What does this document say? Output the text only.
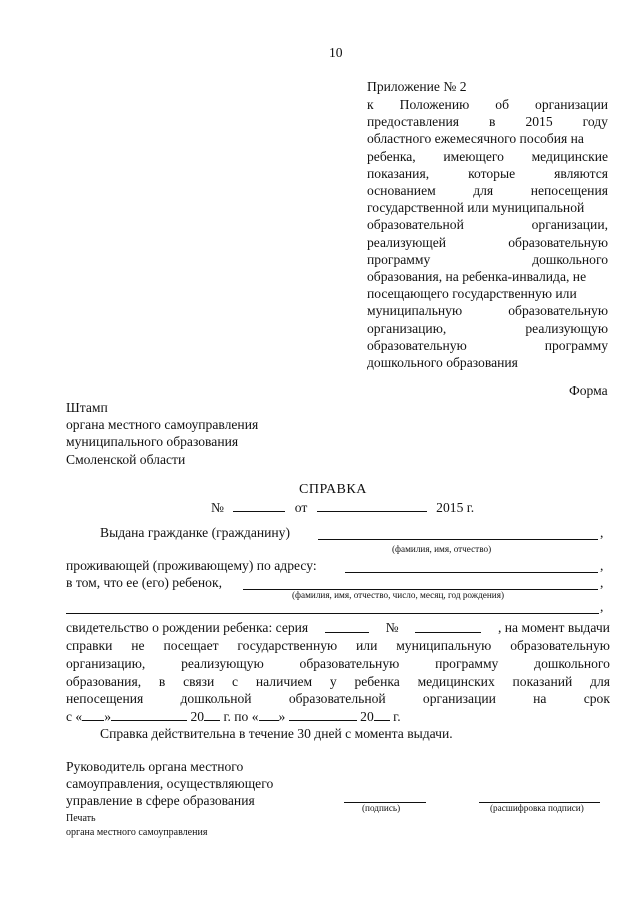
10
Приложение № 2
к Положению об организации
предоставления в 2015 году
областного ежемесячного пособия на
ребенка, имеющего медицинские
показания,	которые	являются
основанием	для	непосещения
государственной или муниципальной
образовательной	организации,
реализующей	образовательную
программу	дошкольного
образования, на ребенка-инвалида, не
посещающего государственную или
муниципальную	образовательную
организацию,	реализующую
образовательную	программу
дошкольного образования
Форма
Штамп
органа местного самоуправления
муниципального образования
Смоленской области
СПРАВКА
№	от	2015 г.
Выдана гражданке (гражданину)	,
(фамилия, имя, отчество)
проживающей (проживающему) по адресу:	,
в том, что ее (его) ребенок,	,
(фамилия, имя, отчество, число, месяц, год рождения)
,
свидетельство о рождении ребенка: серия	№	, на момент выдачи
справки не посещает государственную или муниципальную образовательную
организацию,	реализующую	образовательную	программу	дошкольного
образования, в связи с наличием у ребенка медицинских показаний для
непосещения	дошкольной	образовательной	организации	на	срок
с « »	20 г. по « »	20 г.
Справка действительна в течение 30 дней с момента выдачи.
Руководитель органа местного
самоуправления, осуществляющего
управление в сфере образования	(подпись)	(расшифровка подписи)
Печать
органа местного самоуправления
